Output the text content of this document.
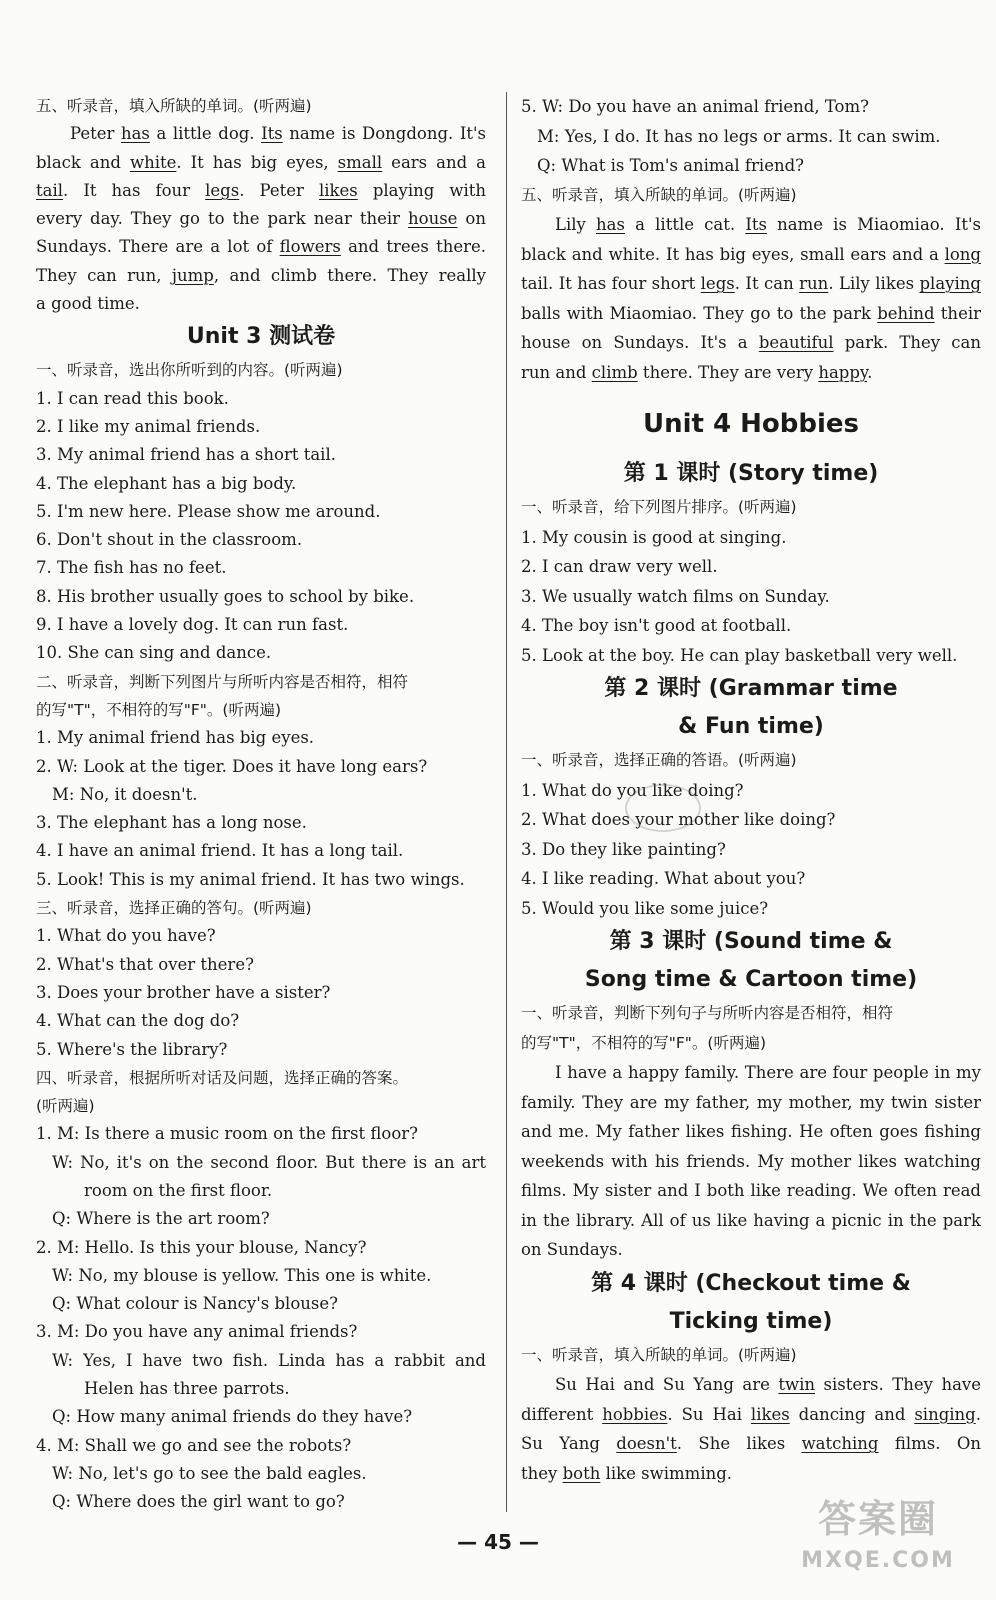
五、听录音，填入所缺的单词。(听两遍)
Peter has a little dog. Its name is Dongdong. It's
black and white. It has big eyes, small ears and a
tail. It has four legs. Peter likes playing with
every day. They go to the park near their house on
Sundays. There are a lot of flowers and trees there.
They can run, jump, and climb there. They really
a good time.
Unit 3 测试卷
一、听录音，选出你所听到的内容。(听两遍)
1. I can read this book.
2. I like my animal friends.
3. My animal friend has a short tail.
4. The elephant has a big body.
5. I'm new here. Please show me around.
6. Don't shout in the classroom.
7. The fish has no feet.
8. His brother usually goes to school by bike.
9. I have a lovely dog. It can run fast.
10. She can sing and dance.
二、听录音，判断下列图片与所听内容是否相符，相符
的写"T"，不相符的写"F"。(听两遍)
1. My animal friend has big eyes.
2. W: Look at the tiger. Does it have long ears?
M: No, it doesn't.
3. The elephant has a long nose.
4. I have an animal friend. It has a long tail.
5. Look! This is my animal friend. It has two wings.
三、听录音，选择正确的答句。(听两遍)
1. What do you have?
2. What's that over there?
3. Does your brother have a sister?
4. What can the dog do?
5. Where's the library?
四、听录音，根据所听对话及问题，选择正确的答案。
(听两遍)
1. M: Is there a music room on the first floor?
W: No, it's on the second floor. But there is an art
room on the first floor.
Q: Where is the art room?
2. M: Hello. Is this your blouse, Nancy?
W: No, my blouse is yellow. This one is white.
Q: What colour is Nancy's blouse?
3. M: Do you have any animal friends?
W: Yes, I have two fish. Linda has a rabbit and
Helen has three parrots.
Q: How many animal friends do they have?
4. M: Shall we go and see the robots?
W: No, let's go to see the bald eagles.
Q: Where does the girl want to go?
5. W: Do you have an animal friend, Tom?
M: Yes, I do. It has no legs or arms. It can swim.
Q: What is Tom's animal friend?
五、听录音，填入所缺的单词。(听两遍)
Lily has a little cat. Its name is Miaomiao. It's
black and white. It has big eyes, small ears and a long
tail. It has four short legs. It can run. Lily likes playing
balls with Miaomiao. They go to the park behind their
house on Sundays. It's a beautiful park. They can
run and climb there. They are very happy.
Unit 4 Hobbies
第 1 课时 (Story time)
一、听录音，给下列图片排序。(听两遍)
1. My cousin is good at singing.
2. I can draw very well.
3. We usually watch films on Sunday.
4. The boy isn't good at football.
5. Look at the boy. He can play basketball very well.
第 2 课时 (Grammar time
& Fun time)
一、听录音，选择正确的答语。(听两遍)
1. What do you like doing?
2. What does your mother like doing?
3. Do they like painting?
4. I like reading. What about you?
5. Would you like some juice?
第 3 课时 (Sound time &
Song time & Cartoon time)
一、听录音，判断下列句子与所听内容是否相符，相符
的写"T"，不相符的写"F"。(听两遍)
I have a happy family. There are four people in my
family. They are my father, my mother, my twin sister
and me. My father likes fishing. He often goes fishing
weekends with his friends. My mother likes watching
films. My sister and I both like reading. We often read
in the library. All of us like having a picnic in the park
on Sundays.
第 4 课时 (Checkout time &
Ticking time)
一、听录音，填入所缺的单词。(听两遍)
Su Hai and Su Yang are twin sisters. They have
different hobbies. Su Hai likes dancing and singing.
Su Yang doesn't. She likes watching films. On
they both like swimming.
— 45 —
答案圈
MXQE.COM
